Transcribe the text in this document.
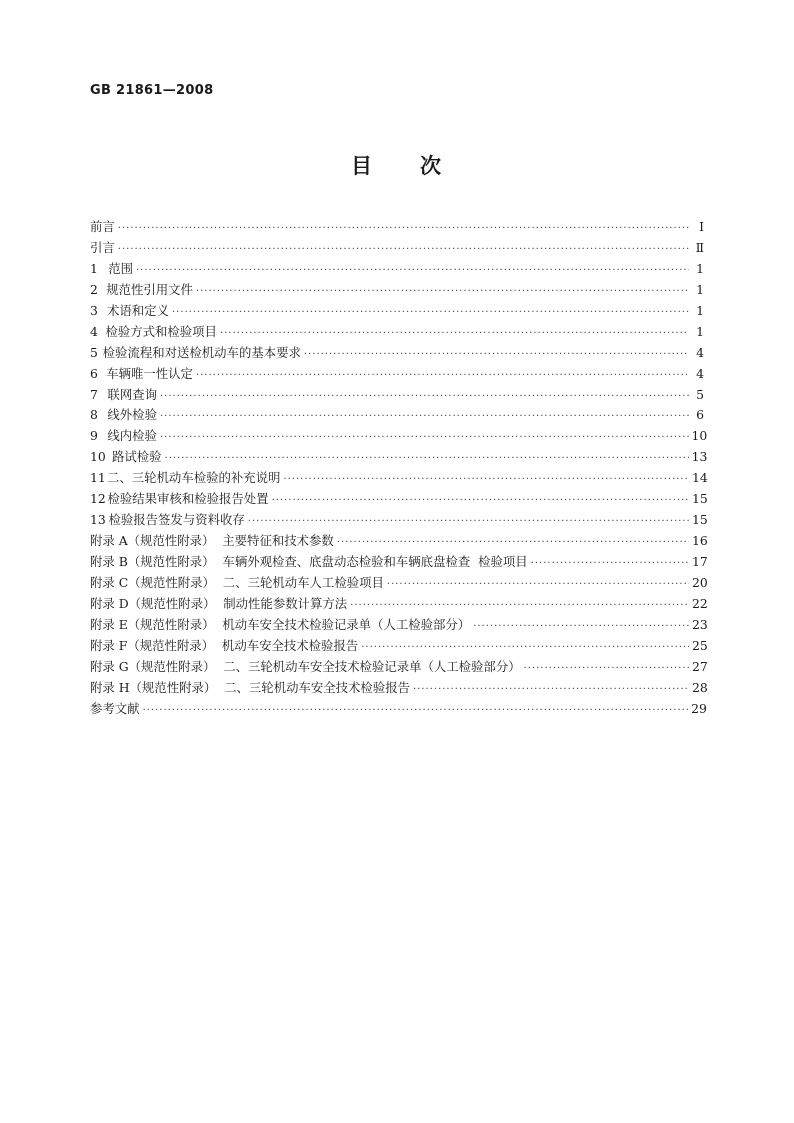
GB 21861—2008
目 次
前言 ·····	Ⅰ
引言 ·····	Ⅱ
1 范围 ·····	1
2 规范性引用文件 ·····	1
3 术语和定义 ·····	1
4 检验方式和检验项目 ·····	1
5 检验流程和对送检机动车的基本要求 ·····	4
6 车辆唯一性认定 ·····	4
7 联网查询 ·····	5
8 线外检验 ·····	6
9 线内检验 ·····	10
10 路试检验 ·····	13
11 二、三轮机动车检验的补充说明 ·····	14
12 检验结果审核和检验报告处置 ·····	15
13 检验报告签发与资料收存 ·····	15
附录 A（规范性附录）  主要特征和技术参数 ·····	16
附录 B（规范性附录）  车辆外观检查、底盘动态检验和车辆底盘检查  检验项目 ·····	17
附录 C（规范性附录）  二、三轮机动车人工检验项目 ·····	20
附录 D（规范性附录）  制动性能参数计算方法 ·····	22
附录 E（规范性附录）  机动车安全技术检验记录单（人工检验部分） ·····	23
附录 F（规范性附录）  机动车安全技术检验报告 ·····	25
附录 G（规范性附录）  二、三轮机动车安全技术检验记录单（人工检验部分） ·····	27
附录 H（规范性附录）  二、三轮机动车安全技术检验报告 ·····	28
参考文献 ·····	29
